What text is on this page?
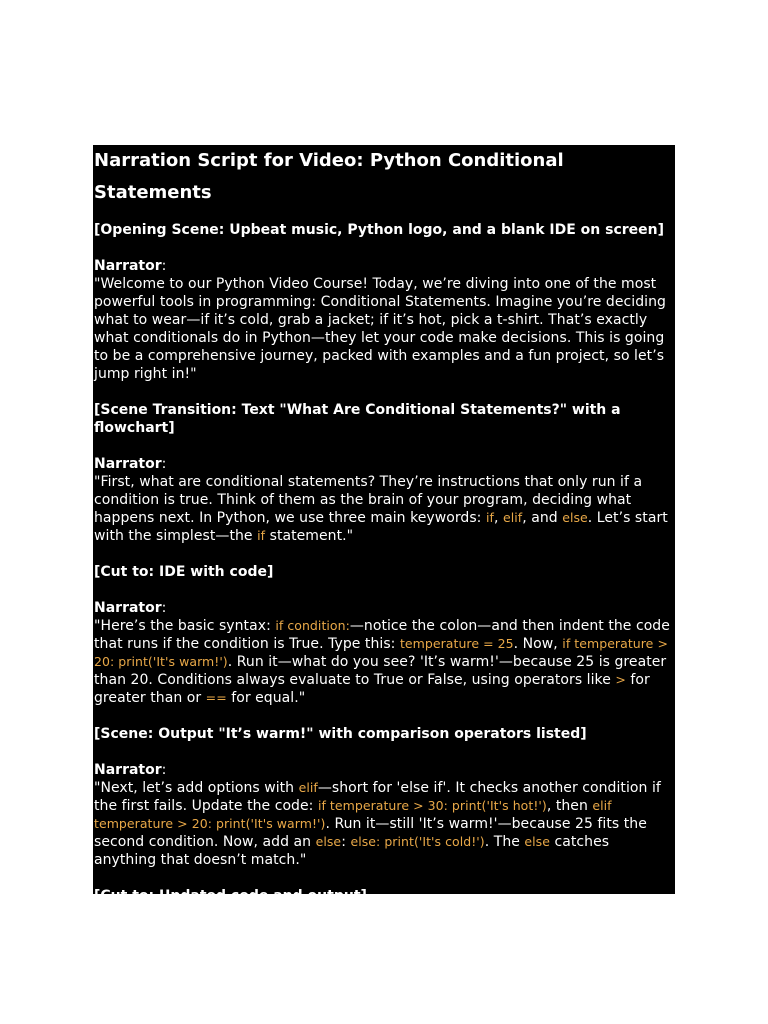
Narration Script for Video: Python Conditional Statements
[Opening Scene: Upbeat music, Python logo, and a blank IDE on screen]
Narrator:

"Welcome to our Python Video Course! Today, we’re diving into one of the most powerful tools in programming: Conditional Statements. Imagine you’re deciding what to wear—if it’s cold, grab a jacket; if it’s hot, pick a t-shirt. That’s exactly what conditionals do in Python—they let your code make decisions. This is going to be a comprehensive journey, packed with examples and a fun project, so let’s jump right in!"

[Scene Transition: Text "What Are Conditional Statements?" with a flowchart]
Narrator:

"First, what are conditional statements? They’re instructions that only run if a condition is true. Think of them as the brain of your program, deciding what happens next. In Python, we use three main keywords: if, elif, and else. Let’s start with the simplest—the if statement."

[Cut to: IDE with code]
Narrator:

"Here’s the basic syntax: if condition:—notice the colon—and then indent the code that runs if the condition is True. Type this: temperature = 25. Now, if temperature > 20: print('It's warm!'). Run it—what do you see? 'It’s warm!'—because 25 is greater than 20. Conditions always evaluate to True or False, using operators like > for greater than or == for equal."

[Scene: Output "It’s warm!" with comparison operators listed]
Narrator:

"Next, let’s add options with elif—short for 'else if'. It checks another condition if the first fails. Update the code: if temperature > 30: print('It's hot!'), then elif temperature > 20: print('It's warm!'). Run it—still 'It’s warm!'—because 25 fits the second condition. Now, add an else: else: print('It's cold!'). The else catches anything that doesn’t match."

[Cut to: Updated code and output]
